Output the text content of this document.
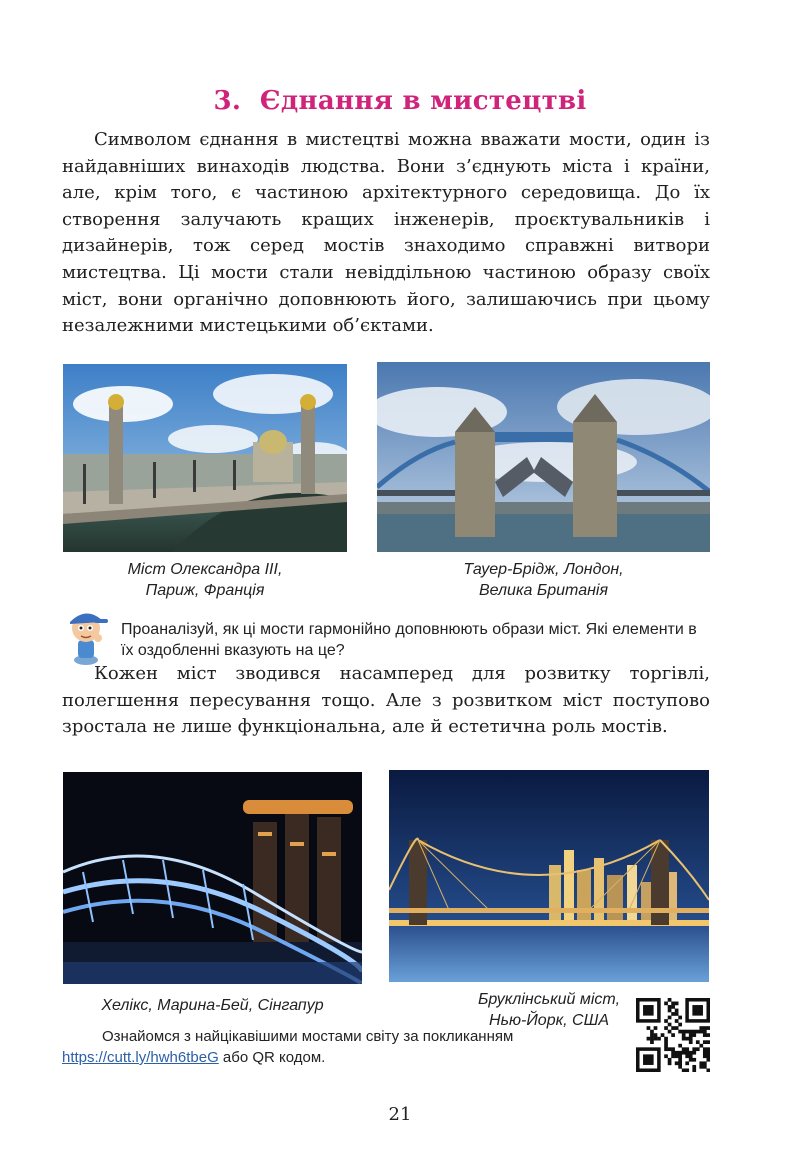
3. Єднання в мистецтві
Символом єднання в мистецтві можна вважати мости, один із найдавніших винаходів людства. Вони з’єднують міста і країни, але, крім того, є частиною архітектурного середовища. До їх створення залучають кращих інженерів, проєктувальників і дизайнерів, тож серед мостів знаходимо справжні витвори мистецтва. Ці мости стали невіддільною частиною образу своїх міст, вони органічно доповнюють його, залишаючись при цьому незалежними мистецькими об’єктами.
Міст Олександра III,
Париж, Франція
Тауер-Брідж, Лондон,
Велика Британія
Проаналізуй, як ці мости гармонійно доповнюють образи міст. Які елементи в їх оздобленні вказують на це?
Кожен міст зводився насамперед для розвитку торгівлі, полегшення пересування тощо. Але з розвитком міст поступово зростала не лише функціональна, але й естетична роль мостів.
Хелікс, Марина-Бей, Сінгапур	Бруклінський міст,
Нью-Йорк, США
Ознайомся з найцікавішими мостами світу за покликанням
https://cutt.ly/hwh6tbeG або QR кодом.
21
